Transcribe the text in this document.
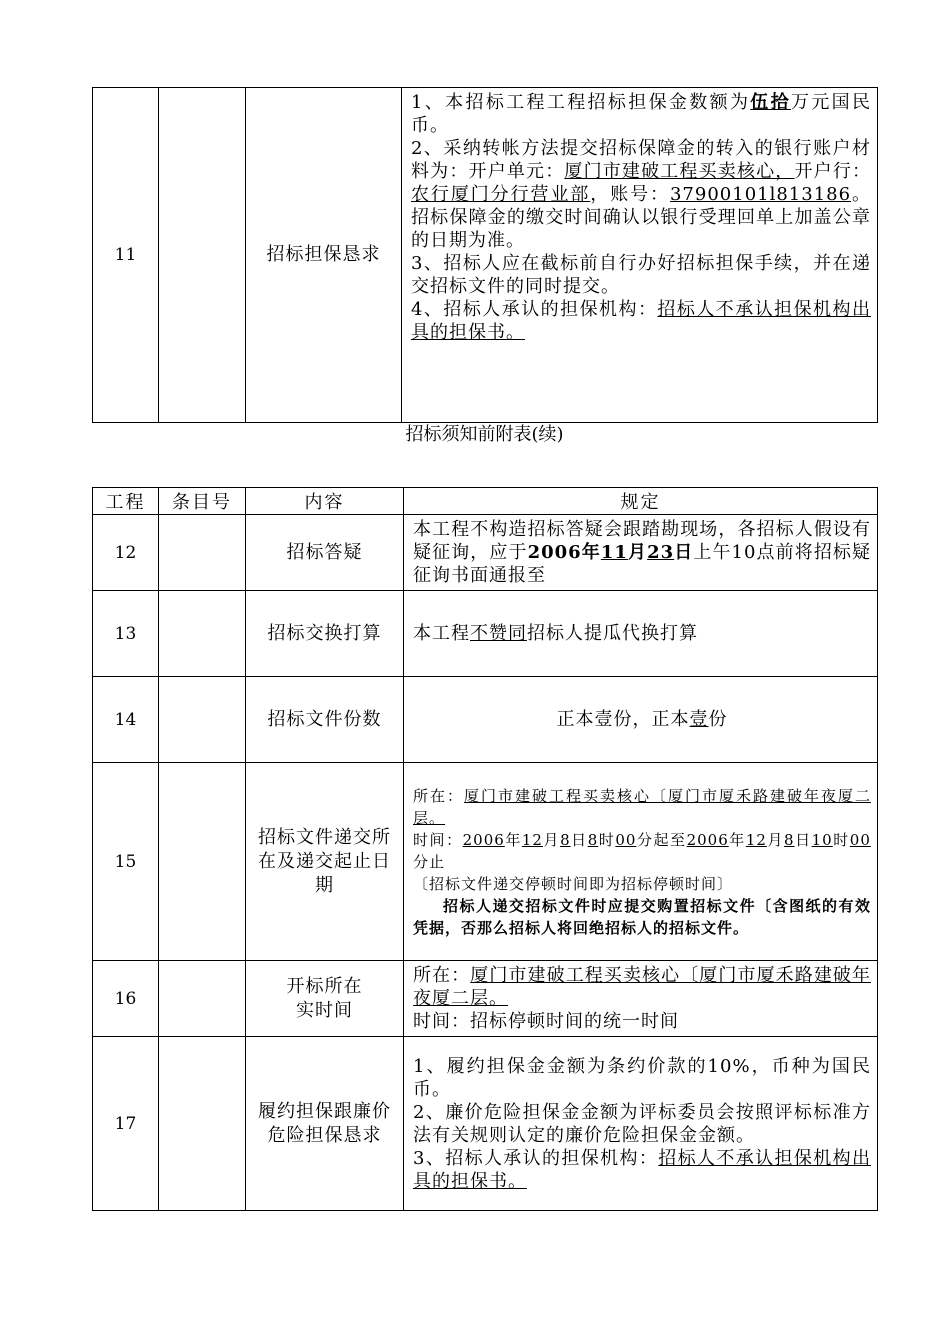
11		招标担保恳求	
1、本招标工程工程招标担保金数额为伍拾万元国民币。
2、采纳转帐方法提交招标保障金的转入的银行账户材料为：开户单元：厦门市建破工程买卖核心，开户行：农行厦门分行营业部，账号：37900101l813186。招标保障金的缴交时间确认以银行受理回单上加盖公章的日期为准。
3、招标人应在截标前自行办好招标担保手续，并在递交招标文件的同时提交。
4、招标人承认的担保机构：招标人不承认担保机构出具的担保书。
招标须知前附表(续)
工程	条目号	内容	规定
12		招标答疑	本工程不构造招标答疑会跟踏勘现场，各招标人假设有疑征询，应于2006年11月23日上午10点前将招标疑征询书面通报至
13		招标交换打算	本工程不赞同招标人提瓜代换打算
14		招标文件份数	正本壹份，正本壹份
15		招标文件递交所在及递交起止日期	所在：厦门市建破工程买卖核心〔厦门市厦禾路建破年夜厦二层。
时间：2006年12月8日8时00分起至2006年12月8日10时00分止
〔招标文件递交停顿时间即为招标停顿时间〕
招标人递交招标文件时应提交购置招标文件〔含图纸的有效凭据，否那么招标人将回绝招标人的招标文件。

16		开标所在实时间	所在：厦门市建破工程买卖核心〔厦门市厦禾路建破年夜厦二层。
时间：招标停顿时间的统一时间

17		履约担保跟廉价危险担保恳求	1、履约担保金金额为条约价款的10%，币种为国民币。
2、廉价危险担保金金额为评标委员会按照评标标准方法有关规则认定的廉价危险担保金金额。
3、招标人承认的担保机构：招标人不承认担保机构出具的担保书。
